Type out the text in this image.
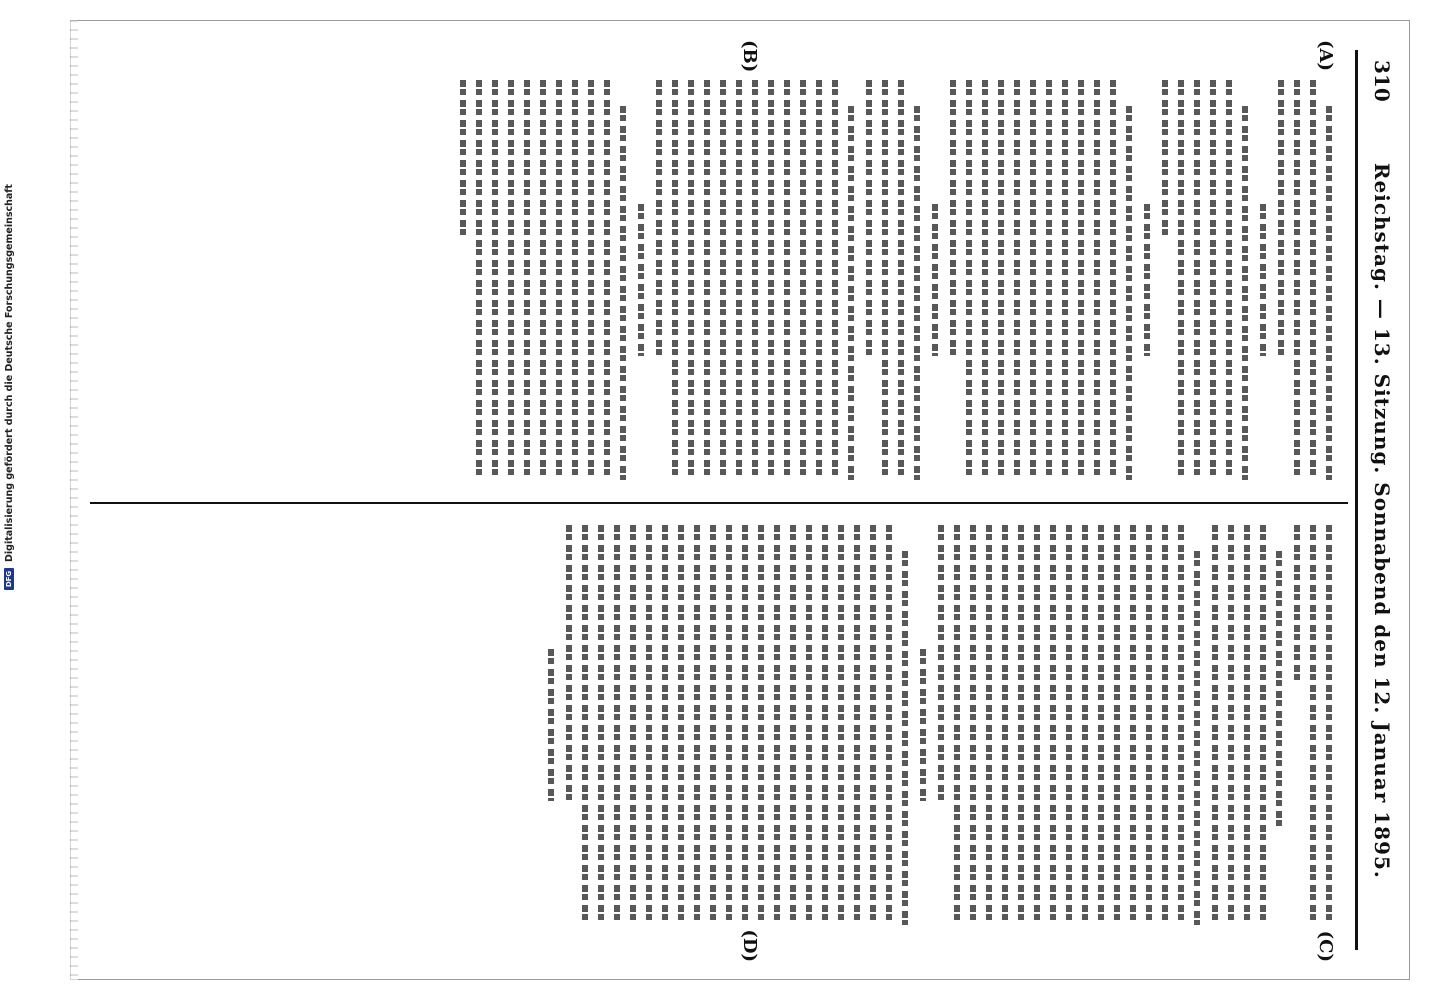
DFG
Digitalisierung gefördert durch die Deutsche Forschungsgemeinschaft
310
Reichstag. — 13. Sitzung. Sonnabend den 12. Januar 1895.
(A)
(B)
(C)
(D)
